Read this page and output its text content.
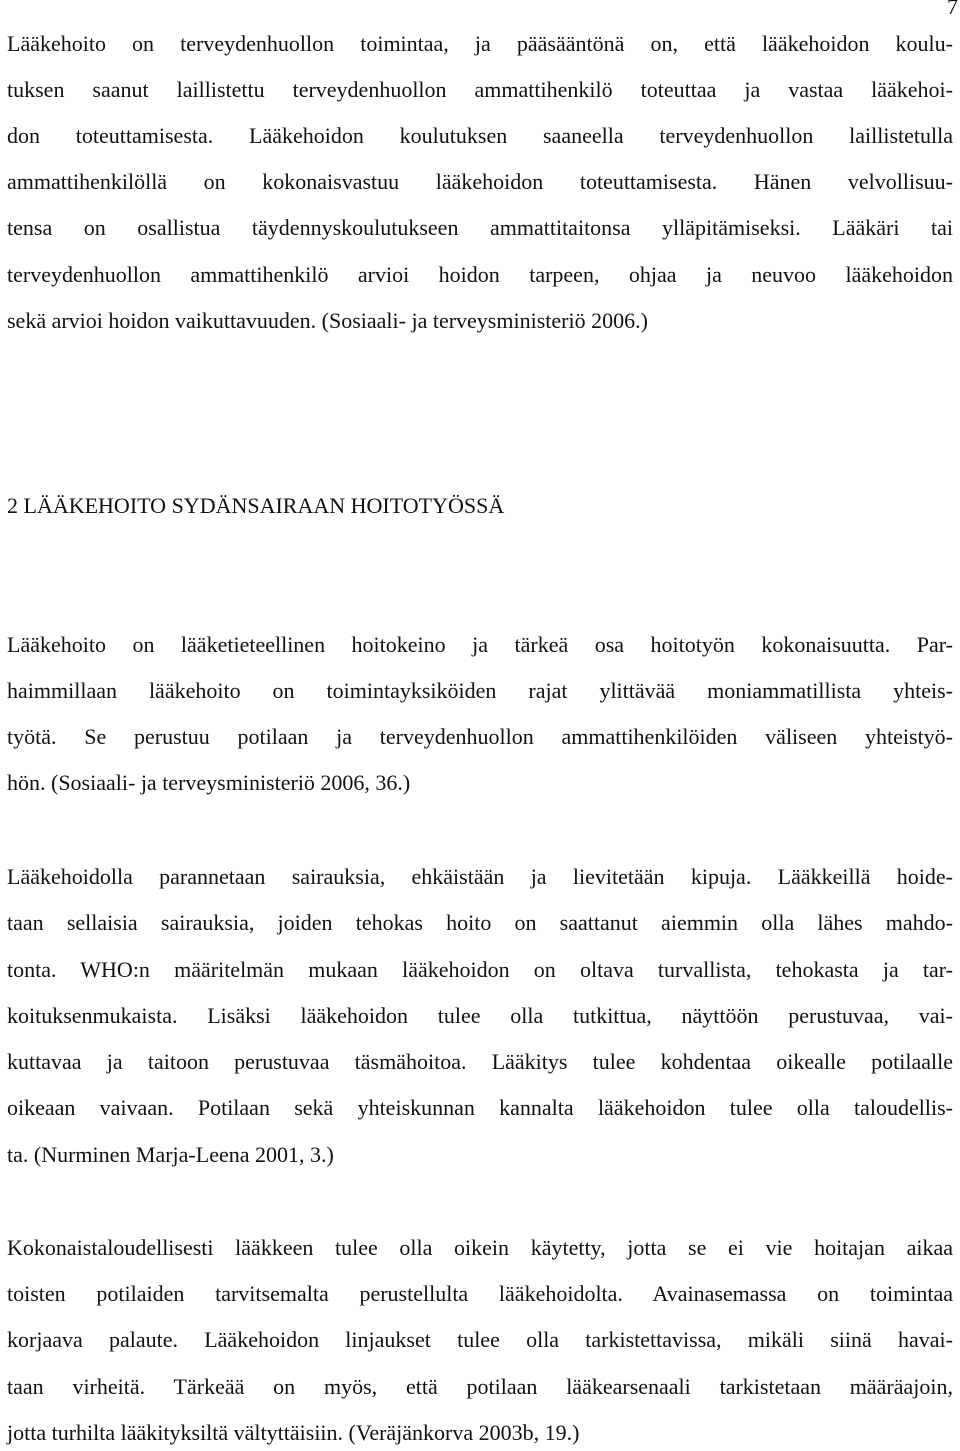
7
Lääkehoito on terveydenhuollon toimintaa, ja pääsääntönä on, että lääkehoidon koulu-
tuksen saanut laillistettu terveydenhuollon ammattihenkilö toteuttaa ja vastaa lääkehoi-
don toteuttamisesta. Lääkehoidon koulutuksen saaneella terveydenhuollon laillistetulla
ammattihenkilöllä on kokonaisvastuu lääkehoidon toteuttamisesta. Hänen velvollisuu-
tensa on osallistua täydennyskoulutukseen ammattitaitonsa ylläpitämiseksi. Lääkäri tai
terveydenhuollon ammattihenkilö arvioi hoidon tarpeen, ohjaa ja neuvoo lääkehoidon
sekä arvioi hoidon vaikuttavuuden. (Sosiaali- ja terveysministeriö 2006.)
2 LÄÄKEHOITO SYDÄNSAIRAAN HOITOTYÖSSÄ
Lääkehoito on lääketieteellinen hoitokeino ja tärkeä osa hoitotyön kokonaisuutta. Par-
haimmillaan lääkehoito on toimintayksiköiden rajat ylittävää moniammatillista yhteis-
työtä. Se perustuu potilaan ja terveydenhuollon ammattihenkilöiden väliseen yhteistyö-
hön. (Sosiaali- ja terveysministeriö 2006, 36.)
Lääkehoidolla parannetaan sairauksia, ehkäistään ja lievitetään kipuja. Lääkkeillä hoide-
taan sellaisia sairauksia, joiden tehokas hoito on saattanut aiemmin olla lähes mahdo-
tonta. WHO:n määritelmän mukaan lääkehoidon on oltava turvallista, tehokasta ja tar-
koituksenmukaista. Lisäksi lääkehoidon tulee olla tutkittua, näyttöön perustuvaa, vai-
kuttavaa ja taitoon perustuvaa täsmähoitoa. Lääkitys tulee kohdentaa oikealle potilaalle
oikeaan vaivaan. Potilaan sekä yhteiskunnan kannalta lääkehoidon tulee olla taloudellis-
ta. (Nurminen Marja-Leena 2001, 3.)
Kokonaistaloudellisesti lääkkeen tulee olla oikein käytetty, jotta se ei vie hoitajan aikaa
toisten potilaiden tarvitsemalta perustellulta lääkehoidolta. Avainasemassa on toimintaa
korjaava palaute. Lääkehoidon linjaukset tulee olla tarkistettavissa, mikäli siinä havai-
taan virheitä. Tärkeää on myös, että potilaan lääkearsenaali tarkistetaan määräajoin,
jotta turhilta lääkityksiltä vältyttäisiin. (Veräjänkorva 2003b, 19.)
